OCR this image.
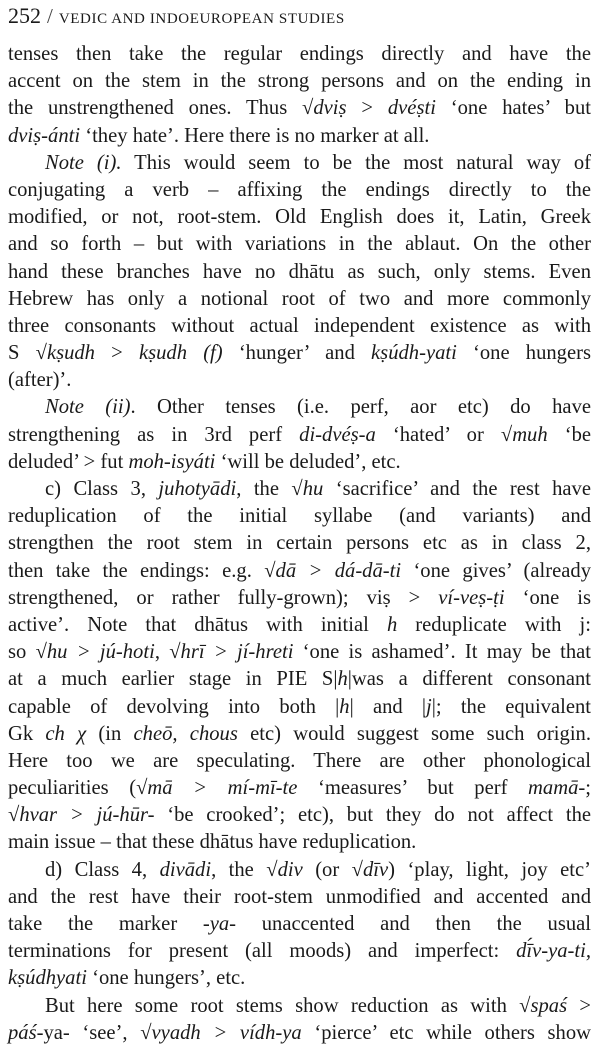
252 / VEDIC AND INDOEUROPEAN STUDIES
tenses then take the regular endings directly and have the
accent on the stem in the strong persons and on the ending in
the unstrengthened ones. Thus √dviṣ > dvéṣti ‘one hates’ but
dviṣ-ánti ‘they hate’. Here there is no marker at all.
Note (i). This would seem to be the most natural way of
conjugating a verb – affixing the endings directly to the
modified, or not, root-stem. Old English does it, Latin, Greek
and so forth – but with variations in the ablaut. On the other
hand these branches have no dhātu as such, only stems. Even
Hebrew has only a notional root of two and more commonly
three consonants without actual independent existence as with
S √kṣudh > kṣudh (f) ‘hunger’ and kṣúdh-yati ‘one hungers
(after)’.
Note (ii). Other tenses (i.e. perf, aor etc) do have
strengthening as in 3rd perf di-dvéṣ-a ‘hated’ or √muh ‘be
deluded’ > fut moh-isyáti ‘will be deluded’, etc.
c) Class 3, juhotyādi, the √hu ‘sacrifice’ and the rest have
reduplication of the initial syllabe (and variants) and
strengthen the root stem in certain persons etc as in class 2,
then take the endings: e.g. √dā > dá-dā-ti ‘one gives’ (already
strengthened, or rather fully-grown); viṣ > ví-veṣ-ṭi ‘one is
active’. Note that dhātus with initial h reduplicate with j:
so √hu > jú-hoti, √hrī > jí-hreti ‘one is ashamed’. It may be that
at a much earlier stage in PIE S|h|was a different consonant
capable of devolving into both |h| and |j|; the equivalent
Gk ch χ (in cheō, chous etc) would suggest some such origin.
Here too we are speculating. There are other phonological
peculiarities (√mā > mí-mī-te ‘measures’ but perf mamā-;
√hvar > jú-hūr- ‘be crooked’; etc), but they do not affect the
main issue – that these dhātus have reduplication.
d) Class 4, divādi, the √div (or √dīv) ‘play, light, joy etc’
and the rest have their root-stem unmodified and accented and
take the marker -ya- unaccented and then the usual
terminations for present (all moods) and imperfect: dī́v-ya-ti,
kṣúdhyati ‘one hungers’, etc.
But here some root stems show reduction as with √spaś >
páś-ya- ‘see’, √vyadh > vídh-ya ‘pierce’ etc while others show
